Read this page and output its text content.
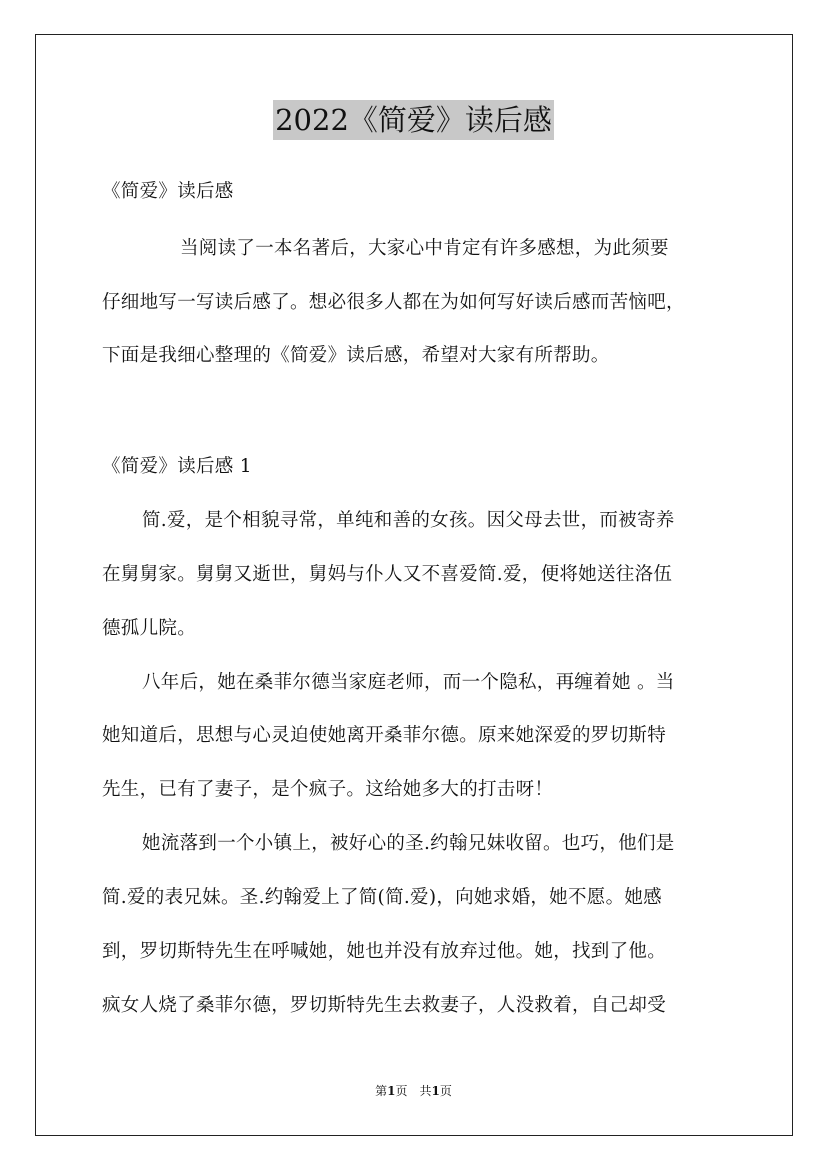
2022《简爱》读后感
《简爱》读后感
当阅读了一本名著后，大家心中肯定有许多感想，为此须要
仔细地写一写读后感了。想必很多人都在为如何写好读后感而苦恼吧，
下面是我细心整理的《简爱》读后感，希望对大家有所帮助。
《简爱》读后感 1
简.爱，是个相貌寻常，单纯和善的女孩。因父母去世，而被寄养
在舅舅家。舅舅又逝世，舅妈与仆人又不喜爱简.爱，便将她送往洛伍
德孤儿院。
八年后，她在桑菲尔德当家庭老师，而一个隐私，再缠着她 。当
她知道后，思想与心灵迫使她离开桑菲尔德。原来她深爱的罗切斯特
先生，已有了妻子，是个疯子。这给她多大的打击呀！
她流落到一个小镇上，被好心的圣.约翰兄妹收留。也巧，他们是
简.爱的表兄妹。圣.约翰爱上了简(简.爱)，向她求婚，她不愿。她感
到，罗切斯特先生在呼喊她，她也并没有放弃过他。她，找到了他。
疯女人烧了桑菲尔德，罗切斯特先生去救妻子，人没救着，自己却受
第1页　共1页
